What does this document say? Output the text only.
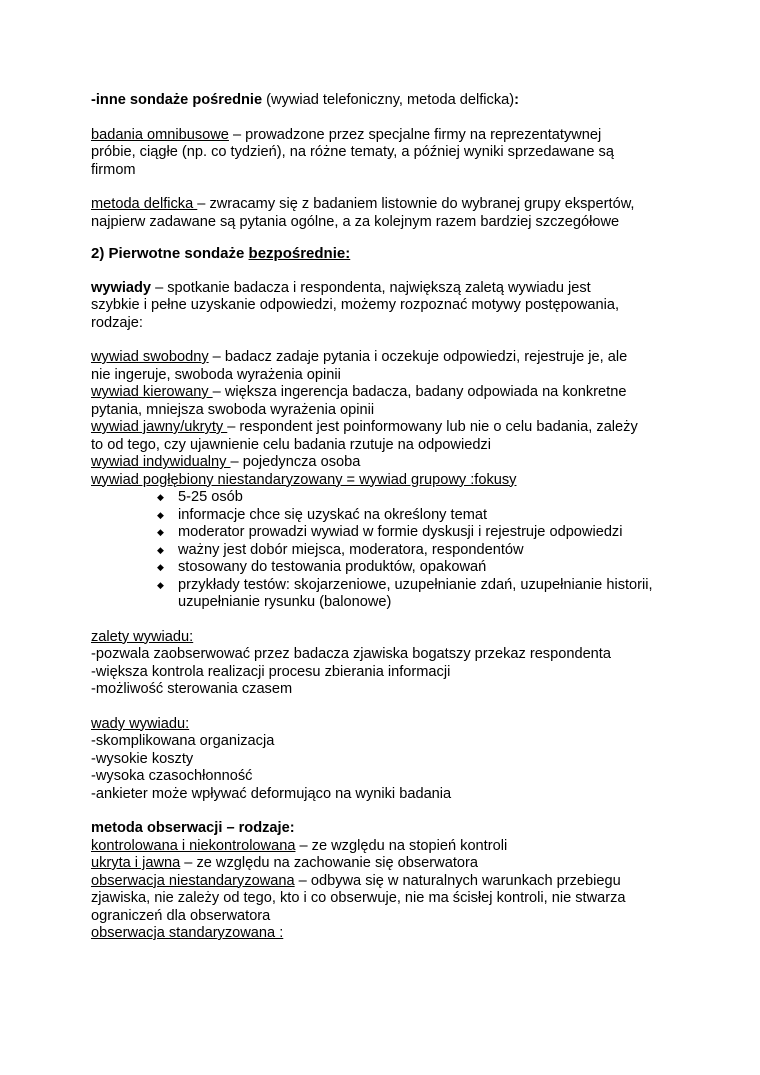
-inne sondaże pośrednie (wywiad telefoniczny, metoda delficka):

badania omnibusowe – prowadzone przez specjalne firmy na reprezentatywnej
próbie, ciągłe (np. co tydzień), na różne tematy, a później wyniki sprzedawane są
firmom

metoda delficka – zwracamy się z badaniem listownie do wybranej grupy ekspertów,
najpierw zadawane są pytania ogólne, a za kolejnym razem bardziej szczegółowe

2) Pierwotne sondaże bezpośrednie:

wywiady – spotkanie badacza i respondenta, największą zaletą wywiadu jest
szybkie i pełne uzyskanie odpowiedzi, możemy rozpoznać motywy postępowania,
rodzaje:

wywiad swobodny – badacz zadaje pytania i oczekuje odpowiedzi, rejestruje je, ale
nie ingeruje, swoboda wyrażenia opinii

wywiad kierowany – większa ingerencja badacza, badany odpowiada na konkretne
pytania, mniejsza swoboda wyrażenia opinii

wywiad jawny/ukryty – respondent jest poinformowany lub nie o celu badania, zależy
to od tego, czy ujawnienie celu badania rzutuje na odpowiedzi

wywiad indywidualny – pojedyncza osoba

wywiad pogłębiony niestandaryzowany = wywiad grupowy :fokusy

◆ 5-25 osób
◆ informacje chce się uzyskać na określony temat
◆ moderator prowadzi wywiad w formie dyskusji i rejestruje odpowiedzi
◆ ważny jest dobór miejsca, moderatora, respondentów
◆ stosowany do testowania produktów, opakowań
◆ przykłady testów: skojarzeniowe, uzupełnianie zdań, uzupełnianie historii, uzupełnianie rysunku (balonowe)

zalety wywiadu:

-pozwala zaobserwować przez badacza zjawiska bogatszy przekaz respondenta

-większa kontrola realizacji procesu zbierania informacji

-możliwość sterowania czasem

wady wywiadu:

-skomplikowana organizacja

-wysokie koszty

-wysoka czasochłonność

-ankieter może wpływać deformująco na wyniki badania

metoda obserwacji – rodzaje:

kontrolowana i niekontrolowana – ze względu na stopień kontroli

ukryta i jawna – ze względu na zachowanie się obserwatora

obserwacja niestandaryzowana – odbywa się w naturalnych warunkach przebiegu
zjawiska, nie zależy od tego, kto i co obserwuje, nie ma ścisłej kontroli, nie stwarza
ograniczeń dla obserwatora

obserwacja standaryzowana :
